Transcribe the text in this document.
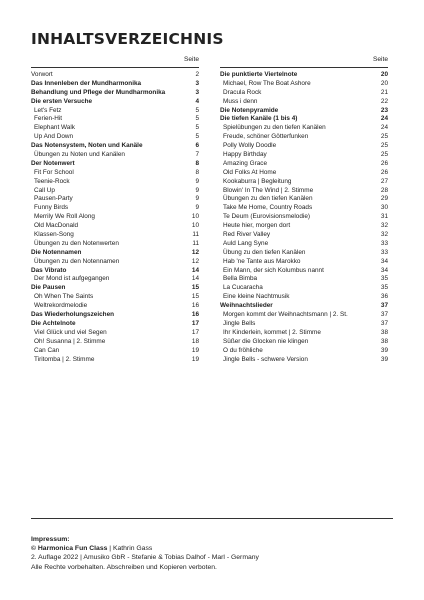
INHALTSVERZEICHNIS
Seite
Vorwort	2
Das Innenleben der Mundharmonika	3
Behandlung und Pflege der Mundharmonika	3
Die ersten Versuche	4
Let's Fetz	5
Ferien-Hit	5
Elephant Walk	5
Up And Down	5
Das Notensystem, Noten und Kanäle	6
Übungen zu Noten und Kanälen	7
Der Notenwert	8
Fit For School	8
Teenie-Rock	9
Call Up	9
Pausen-Party	9
Funny Birds	9
Merrily We Roll Along	10
Old MacDonald	10
Klassen-Song	11
Übungen zu den Notenwerten	11
Die Notennamen	12
Übungen zu den Notennamen	12
Das Vibrato	14
Der Mond ist aufgegangen	14
Die Pausen	15
Oh When The Saints	15
Weltrekordmelodie	16
Das Wiederholungszeichen	16
Die Achtelnote	17
Viel Glück und viel Segen	17
Oh! Susanna | 2. Stimme	18
Can Can	19
Tiritomba | 2. Stimme	19
Seite
Die punktierte Viertelnote	20
Michael, Row The Boat Ashore	20
Dracula Rock	21
Muss i denn	22
Die Notenpyramide	23
Die tiefen Kanäle (1 bis 4)	24
Spielübungen zu den tiefen Kanälen	24
Freude, schöner Götterfunken	25
Polly Wolly Doodle	25
Happy Birthday	25
Amazing Grace	26
Old Folks At Home	26
Kookaburra | Begleitung	27
Blowin' In The Wind | 2. Stimme	28
Übungen zu den tiefen Kanälen	29
Take Me Home, Country Roads	30
Te Deum (Eurovisionsmelodie)	31
Heute hier, morgen dort	32
Red River Valley	32
Auld Lang Syne	33
Übung zu den tiefen Kanälen	33
Hab 'ne Tante aus Marokko	34
Ein Mann, der sich Kolumbus nannt	34
Bella Bimba	35
La Cucaracha	35
Eine kleine Nachtmusik	36
Weihnachtslieder	37
Morgen kommt der Weihnachtsmann | 2. St.	37
Jingle Bells	37
Ihr Kinderlein, kommet | 2. Stimme	38
Süßer die Glocken nie klingen	38
O du fröhliche	39
Jingle Bells - schwere Version	39
Impressum:
© Harmonica Fun Class | Kathrin Gass
2. Auflage 2022 | Amusiko GbR - Stefanie & Tobias Dalhof - Marl - Germany
Alle Rechte vorbehalten. Abschreiben und Kopieren verboten.
